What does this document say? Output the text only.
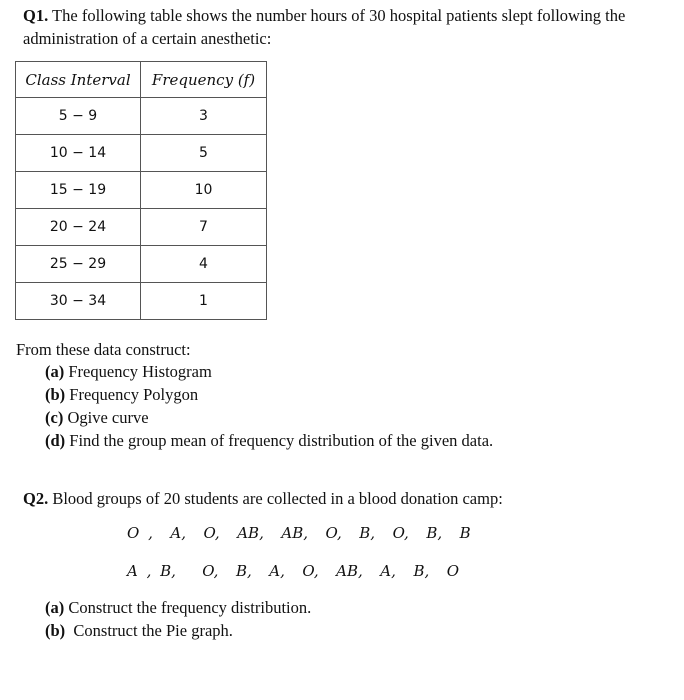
Q1. The following table shows the number hours of 30 hospital patients slept following the administration of a certain anesthetic:
Class Interval	Frequency (f)
5 − 9	3
10 − 14	5
15 − 19	10
20 − 24	7
25 − 29	4
30 − 34	1
From these data construct:
(a) Frequency Histogram
(b) Frequency Polygon
(c) Ogive curve
(d) Find the group mean of frequency distribution of the given data.
Q2. Blood groups of 20 students are collected in a blood donation camp:
O ,  A,  O,  AB,  AB,  O,  B,  O,  B,  B
A , B,   O,  B,  A,  O,  AB,  A,  B,  O
(a) Construct the frequency distribution.
(b)  Construct the Pie graph.
